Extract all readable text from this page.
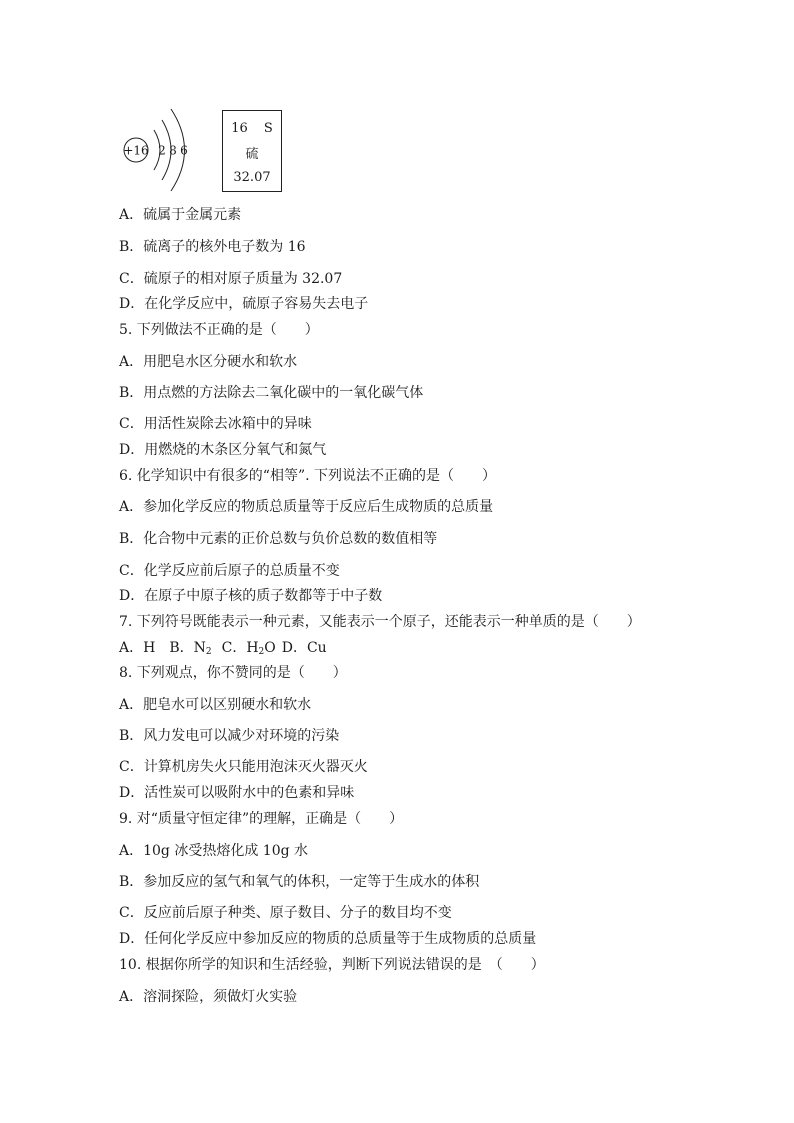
+16 2 8 6
16 S
硫
32.07
A．硫属于金属元素
B．硫离子的核外电子数为 16
C．硫原子的相对原子质量为 32.07
D．在化学反应中，硫原子容易失去电子
5. 下列做法不正确的是（　　）
A．用肥皂水区分硬水和软水
B．用点燃的方法除去二氧化碳中的一氧化碳气体
C．用活性炭除去冰箱中的异味
D．用燃烧的木条区分氧气和氮气
6. 化学知识中有很多的“相等”. 下列说法不正确的是（　　）
A．参加化学反应的物质总质量等于反应后生成物质的总质量
B．化合物中元素的正价总数与负价总数的数值相等
C．化学反应前后原子的总质量不变
D．在原子中原子核的质子数都等于中子数
7. 下列符号既能表示一种元素，又能表示一个原子，还能表示一种单质的是（　　）
A．H B．$N_2$ C．$H_2O$ D．Cu
8. 下列观点，你不赞同的是（　　）
A．肥皂水可以区别硬水和软水
B．风力发电可以减少对环境的污染
C．计算机房失火只能用泡沫灭火器灭火
D．活性炭可以吸附水中的色素和异味
9. 对“质量守恒定律”的理解，正确是（　　）
A．10g 冰受热熔化成 10g 水
B．参加反应的氢气和氧气的体积，一定等于生成水的体积
C．反应前后原子种类、原子数目、分子的数目均不变
D．任何化学反应中参加反应的物质的总质量等于生成物质的总质量
10. 根据你所学的知识和生活经验，判断下列说法错误的是　（　　）
A．溶洞探险，须做灯火实验
